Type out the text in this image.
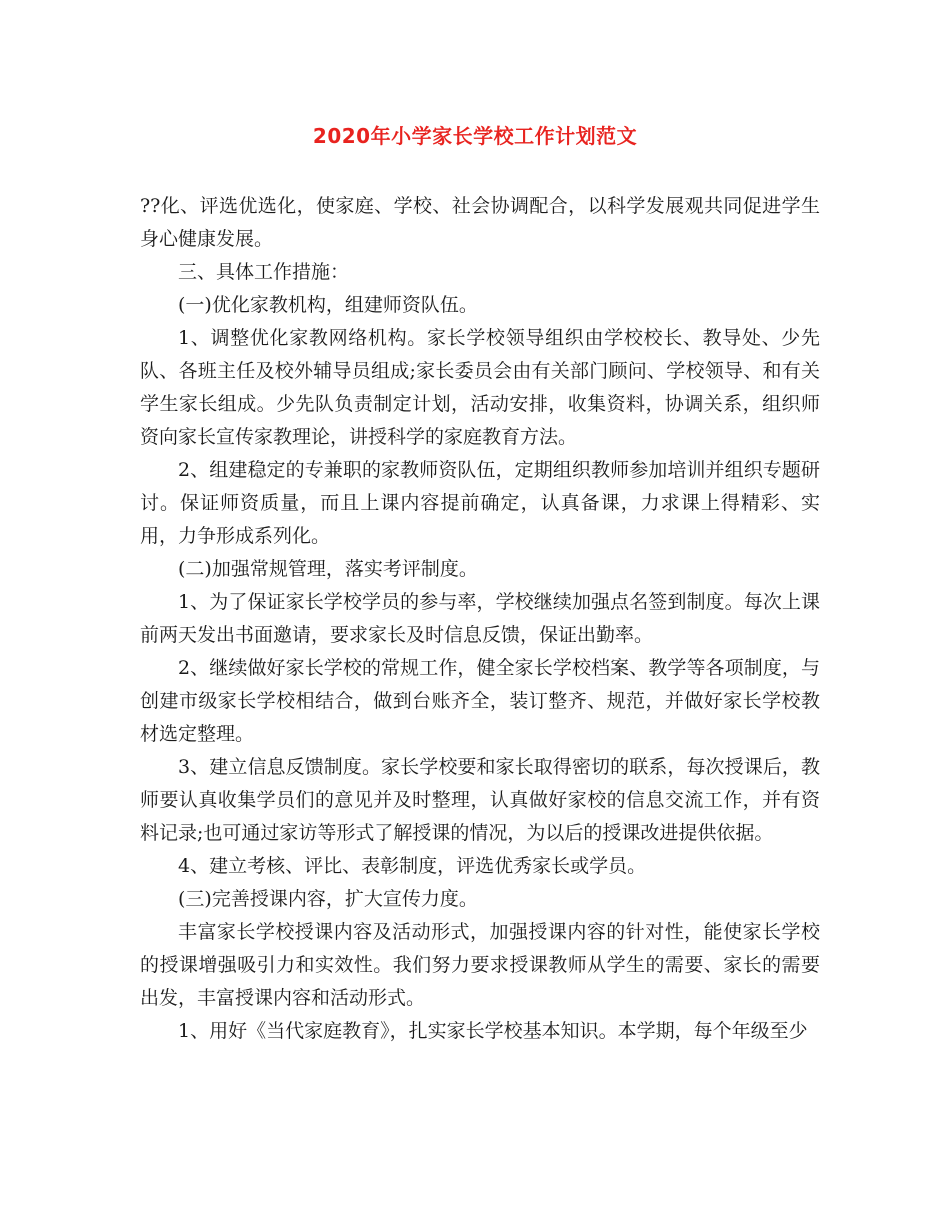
2020年小学家长学校工作计划范文

??化、评选优选化，使家庭、学校、社会协调配合，以科学发展观共同促进学生身心健康发展。

三、具体工作措施：

(一)优化家教机构，组建师资队伍。

1、调整优化家教网络机构。家长学校领导组织由学校校长、教导处、少先队、各班主任及校外辅导员组成;家长委员会由有关部门顾问、学校领导、和有关学生家长组成。少先队负责制定计划，活动安排，收集资料，协调关系，组织师资向家长宣传家教理论，讲授科学的家庭教育方法。

2、组建稳定的专兼职的家教师资队伍，定期组织教师参加培训并组织专题研讨。保证师资质量，而且上课内容提前确定，认真备课，力求课上得精彩、实用，力争形成系列化。

(二)加强常规管理，落实考评制度。

1、为了保证家长学校学员的参与率，学校继续加强点名签到制度。每次上课前两天发出书面邀请，要求家长及时信息反馈，保证出勤率。

2、继续做好家长学校的常规工作，健全家长学校档案、教学等各项制度，与创建市级家长学校相结合，做到台账齐全，装订整齐、规范，并做好家长学校教材选定整理。

3、建立信息反馈制度。家长学校要和家长取得密切的联系，每次授课后，教师要认真收集学员们的意见并及时整理，认真做好家校的信息交流工作，并有资料记录;也可通过家访等形式了解授课的情况，为以后的授课改进提供依据。

4、建立考核、评比、表彰制度，评选优秀家长或学员。

(三)完善授课内容，扩大宣传力度。

丰富家长学校授课内容及活动形式，加强授课内容的针对性，能使家长学校的授课增强吸引力和实效性。我们努力要求授课教师从学生的需要、家长的需要出发，丰富授课内容和活动形式。

1、用好《当代家庭教育》，扎实家长学校基本知识。本学期，每个年级至少
